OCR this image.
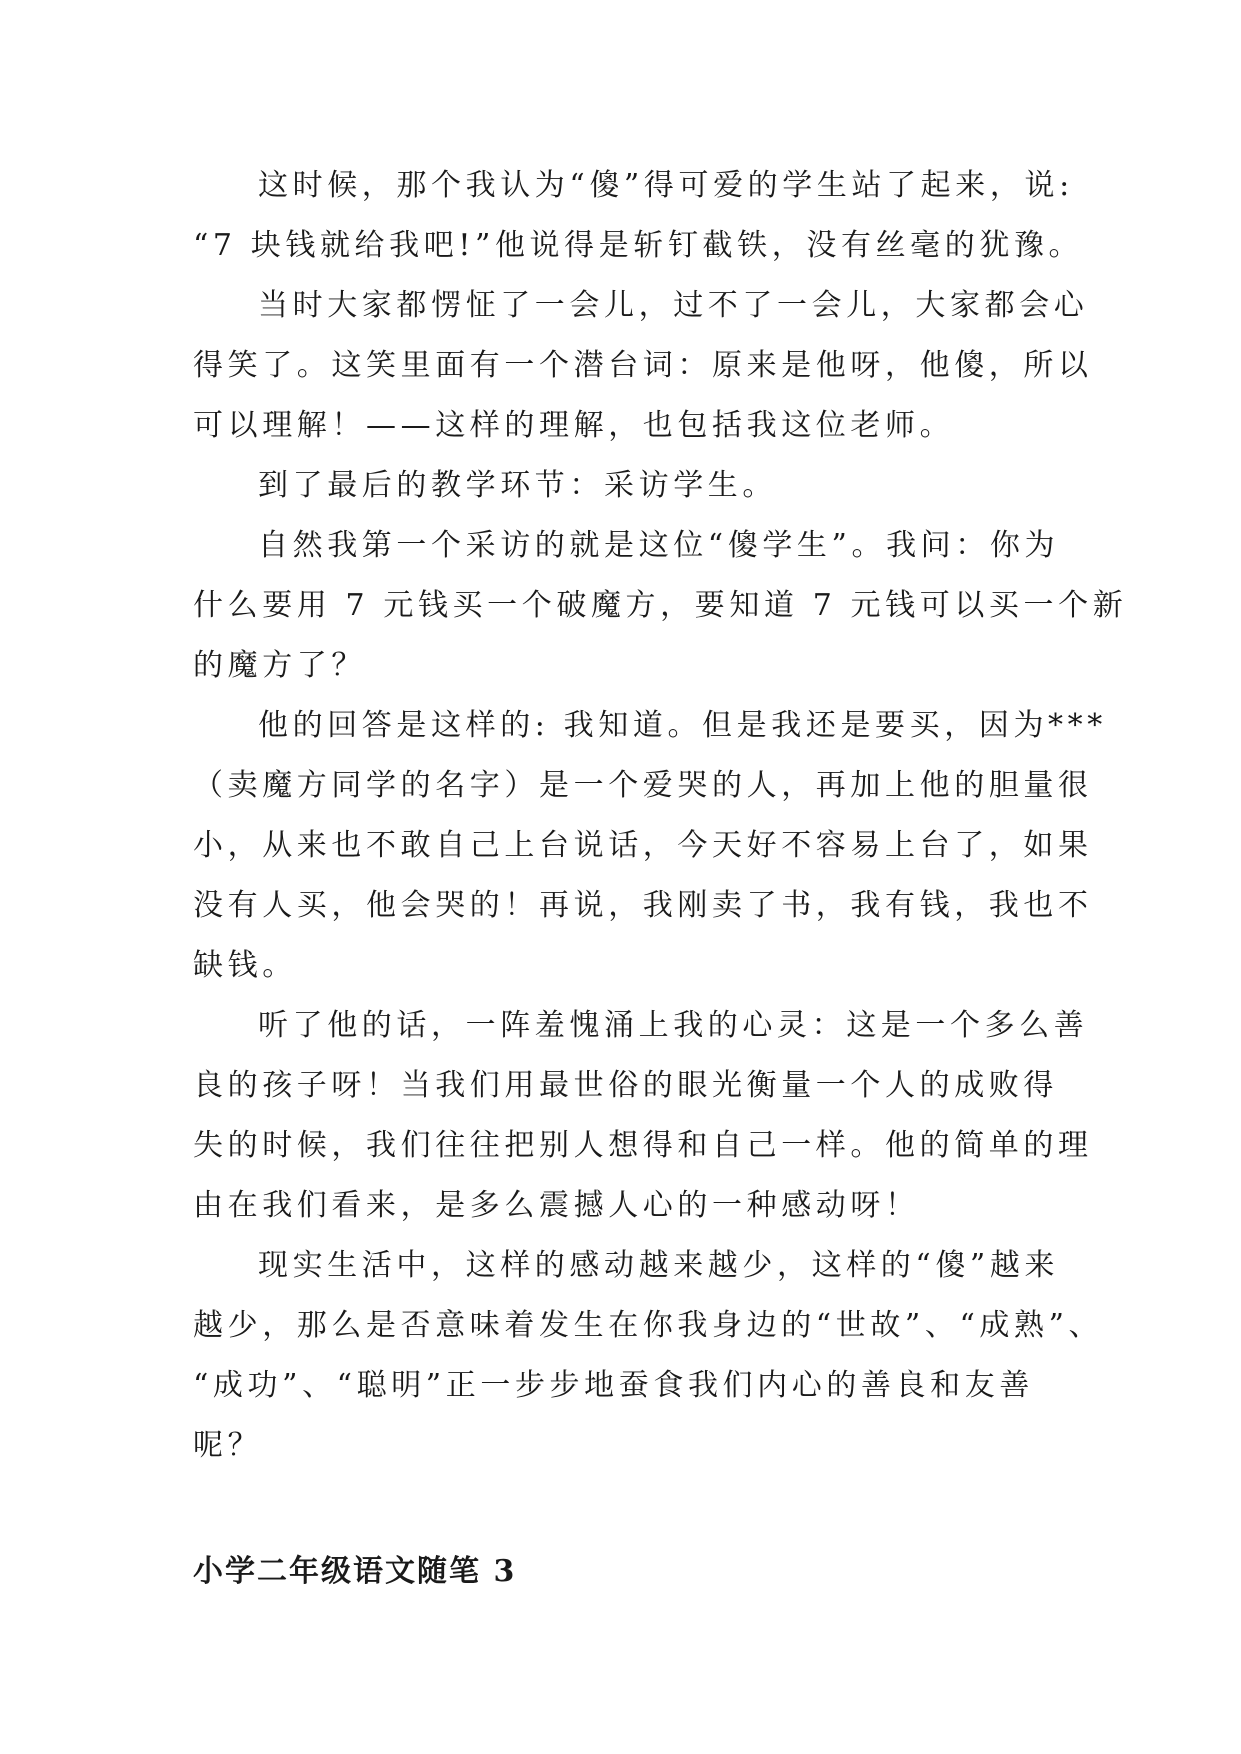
这时候，那个我认为“傻”得可爱的学生站了起来，说:

“7 块钱就给我吧!”他说得是斩钉截铁，没有丝毫的犹豫。

当时大家都愣怔了一会儿，过不了一会儿，大家都会心

得笑了。这笑里面有一个潜台词：原来是他呀，他傻，所以

可以理解！——这样的理解，也包括我这位老师。

到了最后的教学环节：采访学生。

自然我第一个采访的就是这位“傻学生”。我问：你为

什么要用 7 元钱买一个破魔方，要知道 7 元钱可以买一个新

的魔方了？

他的回答是这样的: 我知道。但是我还是要买，因为***

（卖魔方同学的名字）是一个爱哭的人，再加上他的胆量很

小，从来也不敢自己上台说话，今天好不容易上台了，如果

没有人买，他会哭的！再说，我刚卖了书，我有钱，我也不

缺钱。

听了他的话，一阵羞愧涌上我的心灵：这是一个多么善

良的孩子呀！当我们用最世俗的眼光衡量一个人的成败得

失的时候，我们往往把别人想得和自己一样。他的简单的理

由在我们看来，是多么震撼人心的一种感动呀！

现实生活中，这样的感动越来越少，这样的“傻”越来

越少，那么是否意味着发生在你我身边的“世故”、“成熟”、

“成功”、“聪明”正一步步地蚕食我们内心的善良和友善

呢？

小学二年级语文随笔 3
